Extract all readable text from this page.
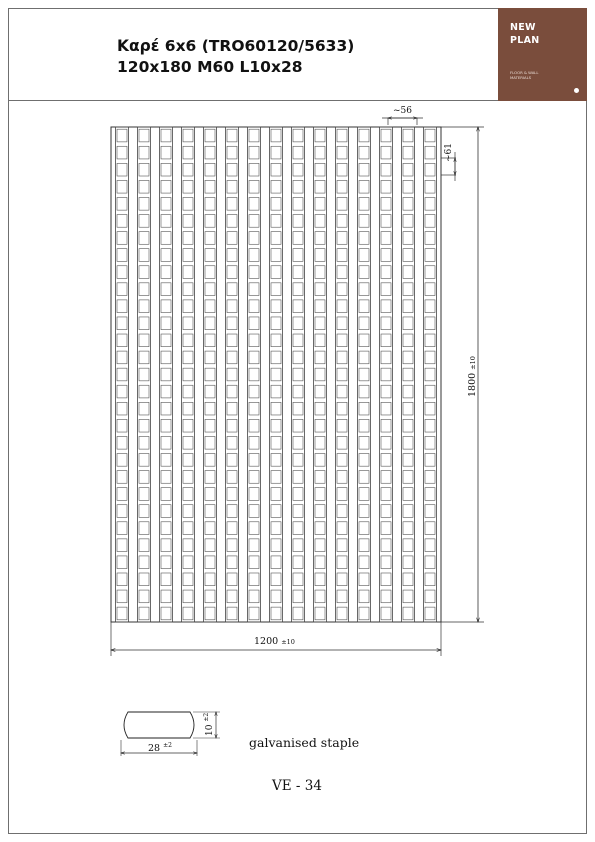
Καρέ 6x6 (TRO60120/5633)
120x180 M60 L10x28
NEW
PLAN
FLOOR & WALL MATERIALS
~56
~61
1800 ±10
1200 ±10
10 $^{\pm 2}$
28 $^{\pm 2}$	galvanised staple
VE - 34
